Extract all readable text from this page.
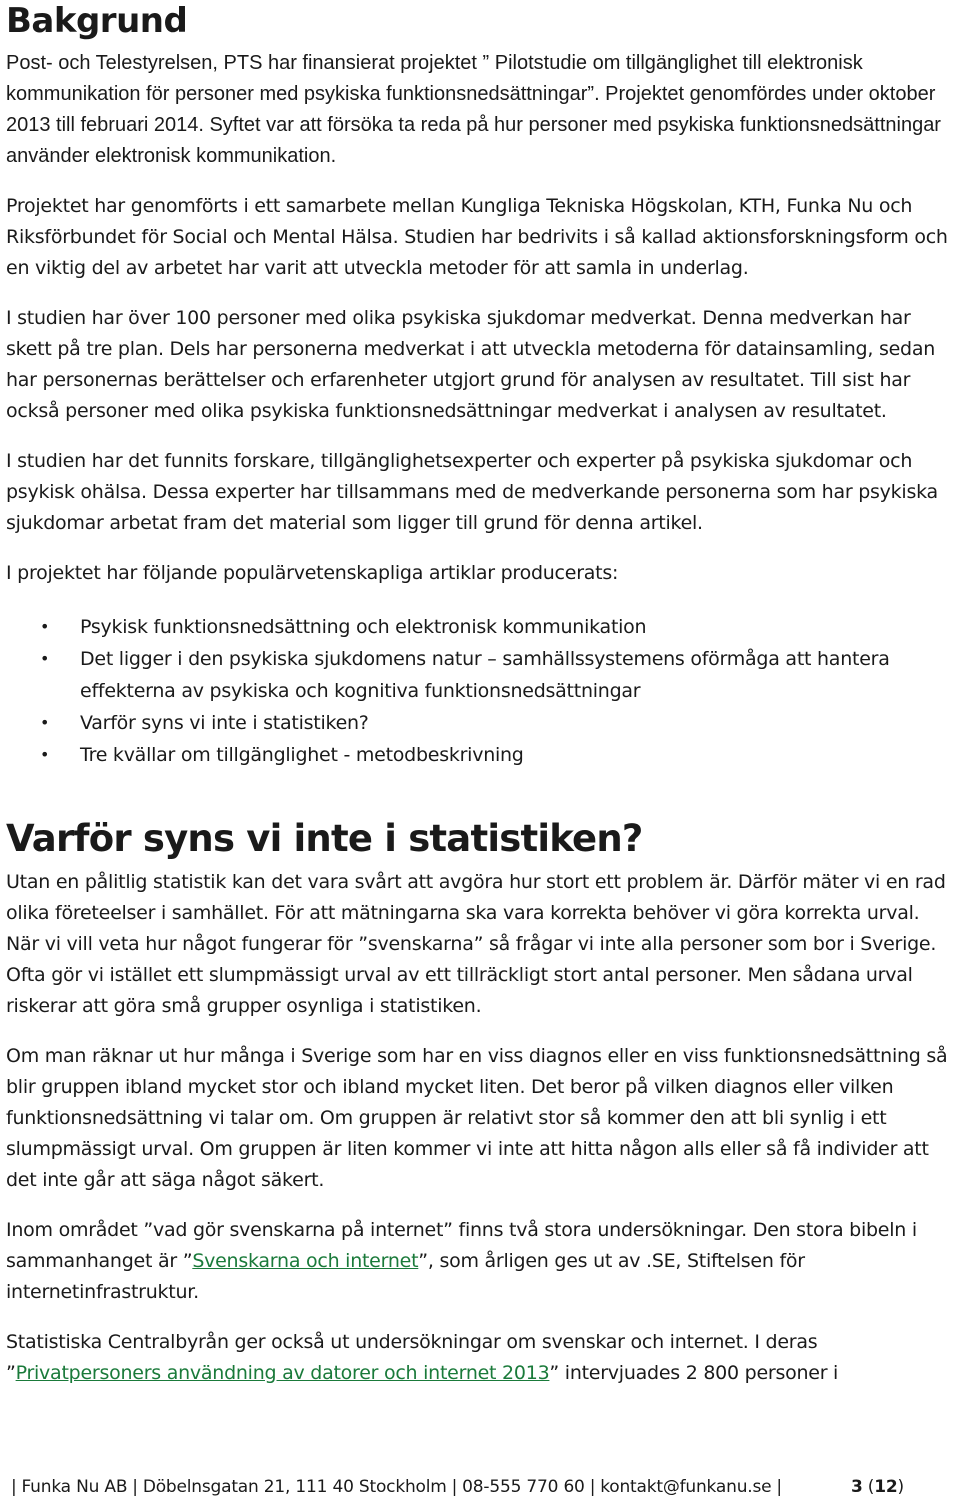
Bakgrund

Post- och Telestyrelsen, PTS har finansierat projektet ” Pilotstudie om tillgänglighet till elektronisk kommunikation för personer med psykiska funktionsnedsättningar”. Projektet genomfördes under oktober 2013 till februari 2014. Syftet var att försöka ta reda på hur personer med psykiska funktionsnedsättningar använder elektronisk kommunikation.

Projektet har genomförts i ett samarbete mellan Kungliga Tekniska Högskolan, KTH, Funka Nu och Riksförbundet för Social och Mental Hälsa. Studien har bedrivits i så kallad aktionsforskningsform och en viktig del av arbetet har varit att utveckla metoder för att samla in underlag.

I studien har över 100 personer med olika psykiska sjukdomar medverkat. Denna medverkan har skett på tre plan. Dels har personerna medverkat i att utveckla metoderna för datainsamling, sedan har personernas berättelser och erfarenheter utgjort grund för analysen av resultatet. Till sist har också personer med olika psykiska funktionsnedsättningar medverkat i analysen av resultatet.

I studien har det funnits forskare, tillgänglighetsexperter och experter på psykiska sjukdomar och psykisk ohälsa. Dessa experter har tillsammans med de medverkande personerna som har psykiska sjukdomar arbetat fram det material som ligger till grund för denna artikel.

I projektet har följande populärvetenskapliga artiklar producerats:

• Psykisk funktionsnedsättning och elektronisk kommunikation
• Det ligger i den psykiska sjukdomens natur – samhällssystemens oförmåga att hantera effekterna av psykiska och kognitiva funktionsnedsättningar
• Varför syns vi inte i statistiken?
• Tre kvällar om tillgänglighet - metodbeskrivning
Varför syns vi inte i statistiken?

Utan en pålitlig statistik kan det vara svårt att avgöra hur stort ett problem är. Därför mäter vi en rad olika företeelser i samhället. För att mätningarna ska vara korrekta behöver vi göra korrekta urval. När vi vill veta hur något fungerar för ”svenskarna” så frågar vi inte alla personer som bor i Sverige. Ofta gör vi istället ett slumpmässigt urval av ett tillräckligt stort antal personer. Men sådana urval riskerar att göra små grupper osynliga i statistiken.

Om man räknar ut hur många i Sverige som har en viss diagnos eller en viss funktionsnedsättning så blir gruppen ibland mycket stor och ibland mycket liten. Det beror på vilken diagnos eller vilken funktionsnedsättning vi talar om. Om gruppen är relativt stor så kommer den att bli synlig i ett slumpmässigt urval. Om gruppen är liten kommer vi inte att hitta någon alls eller så få individer att det inte går att säga något säkert.

Inom området ”vad gör svenskarna på internet” finns två stora undersökningar. Den stora bibeln i sammanhanget är ”Svenskarna och internet”, som årligen ges ut av .SE, Stiftelsen för internetinfrastruktur.

Statistiska Centralbyrån ger också ut undersökningar om svenskar och internet. I deras ”Privatpersoners användning av datorer och internet 2013” intervjuades 2 800 personer i

| Funka Nu AB | Döbelnsgatan 21, 111 40 Stockholm | 08-555 770 60 | kontakt@funkanu.se |	3 (12)
